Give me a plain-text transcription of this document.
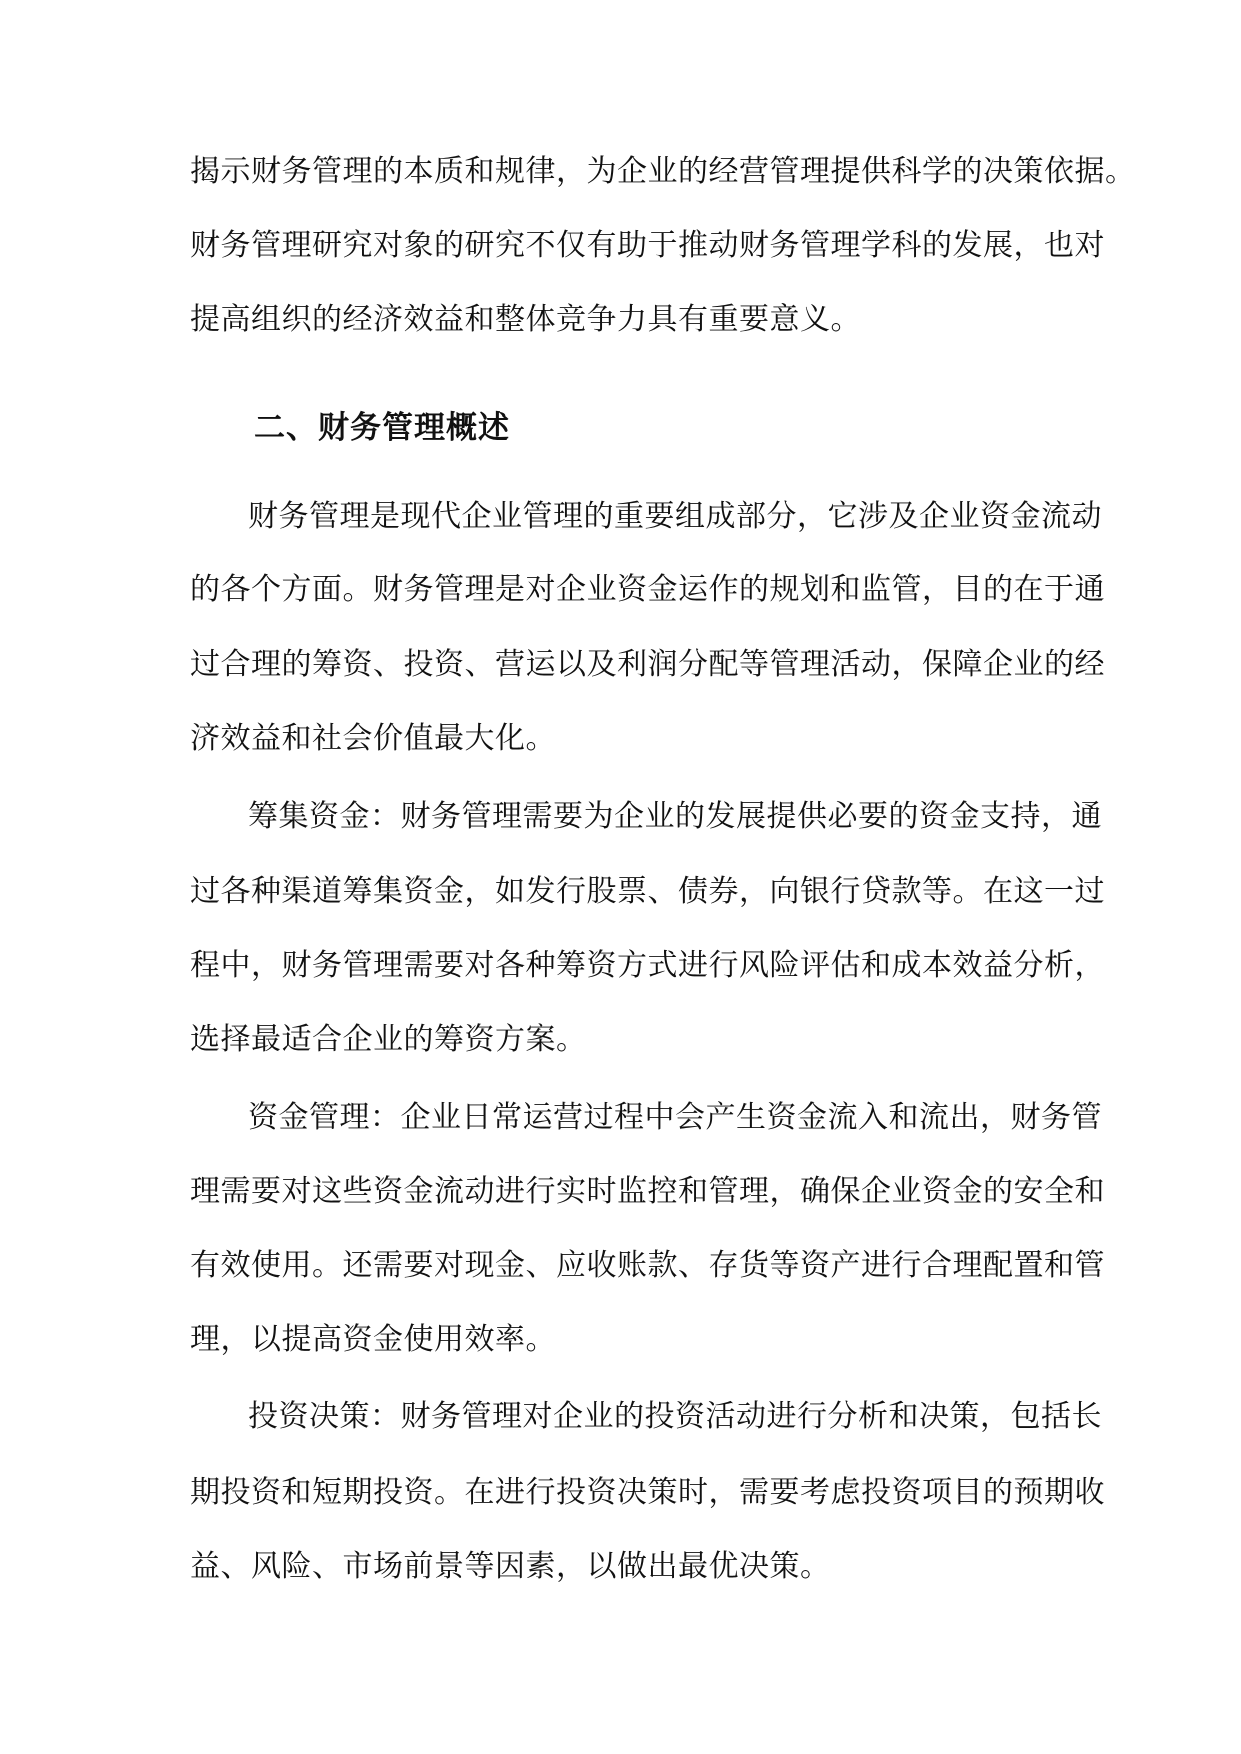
揭示财务管理的本质和规律，为企业的经营管理提供科学的决策依据。
财务管理研究对象的研究不仅有助于推动财务管理学科的发展，也对
提高组织的经济效益和整体竞争力具有重要意义。
二、财务管理概述
财务管理是现代企业管理的重要组成部分，它涉及企业资金流动
的各个方面。财务管理是对企业资金运作的规划和监管，目的在于通
过合理的筹资、投资、营运以及利润分配等管理活动，保障企业的经
济效益和社会价值最大化。
筹集资金：财务管理需要为企业的发展提供必要的资金支持，通
过各种渠道筹集资金，如发行股票、债券，向银行贷款等。在这一过
程中，财务管理需要对各种筹资方式进行风险评估和成本效益分析，
选择最适合企业的筹资方案。
资金管理：企业日常运营过程中会产生资金流入和流出，财务管
理需要对这些资金流动进行实时监控和管理，确保企业资金的安全和
有效使用。还需要对现金、应收账款、存货等资产进行合理配置和管
理，以提高资金使用效率。
投资决策：财务管理对企业的投资活动进行分析和决策，包括长
期投资和短期投资。在进行投资决策时，需要考虑投资项目的预期收
益、风险、市场前景等因素，以做出最优决策。
